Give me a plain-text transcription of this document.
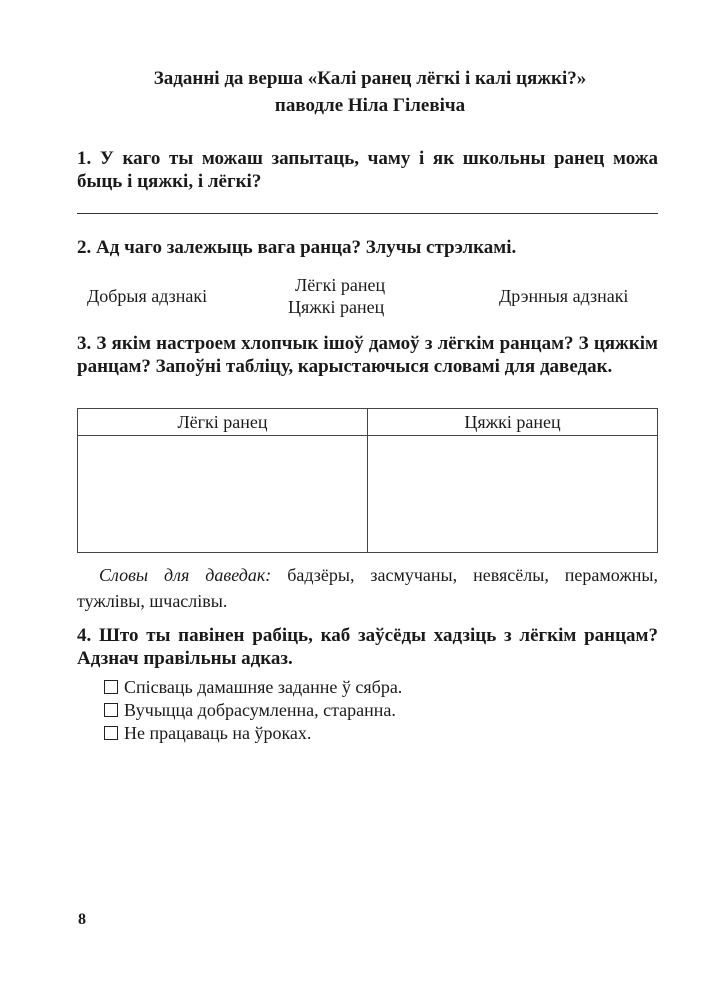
Заданні да верша «Калі ранец лёгкі і калі цяжкі?»
паводле Ніла Гілевіча
1. У каго ты можаш запытаць, чаму і як школьны ранец можа быць і цяжкі, і лёгкі?
2. Ад чаго залежыць вага ранца? Злучы стрэлкамі.
Добрыя адзнакі
Лёгкі ранец
Цяжкі ранец
Дрэнныя адзнакі
3. З якім настроем хлопчык ішоў дамоў з лёгкім ранцам? З цяжкім ранцам? Запоўні табліцу, карыстаючыся словамі для даведак.
Лёгкі ранец	Цяжкі ранец

Словы для даведак: бадзёры, засмучаны, невясёлы, пераможны, тужлівы, шчаслівы.
4. Што ты павінен рабіць, каб заўсёды хадзіць з лёгкім ранцам? Адзнач правільны адказ.
Спісваць дамашняе заданне ў сябра.
Вучыцца добрасумленна, старанна.
Не працаваць на ўроках.
8
